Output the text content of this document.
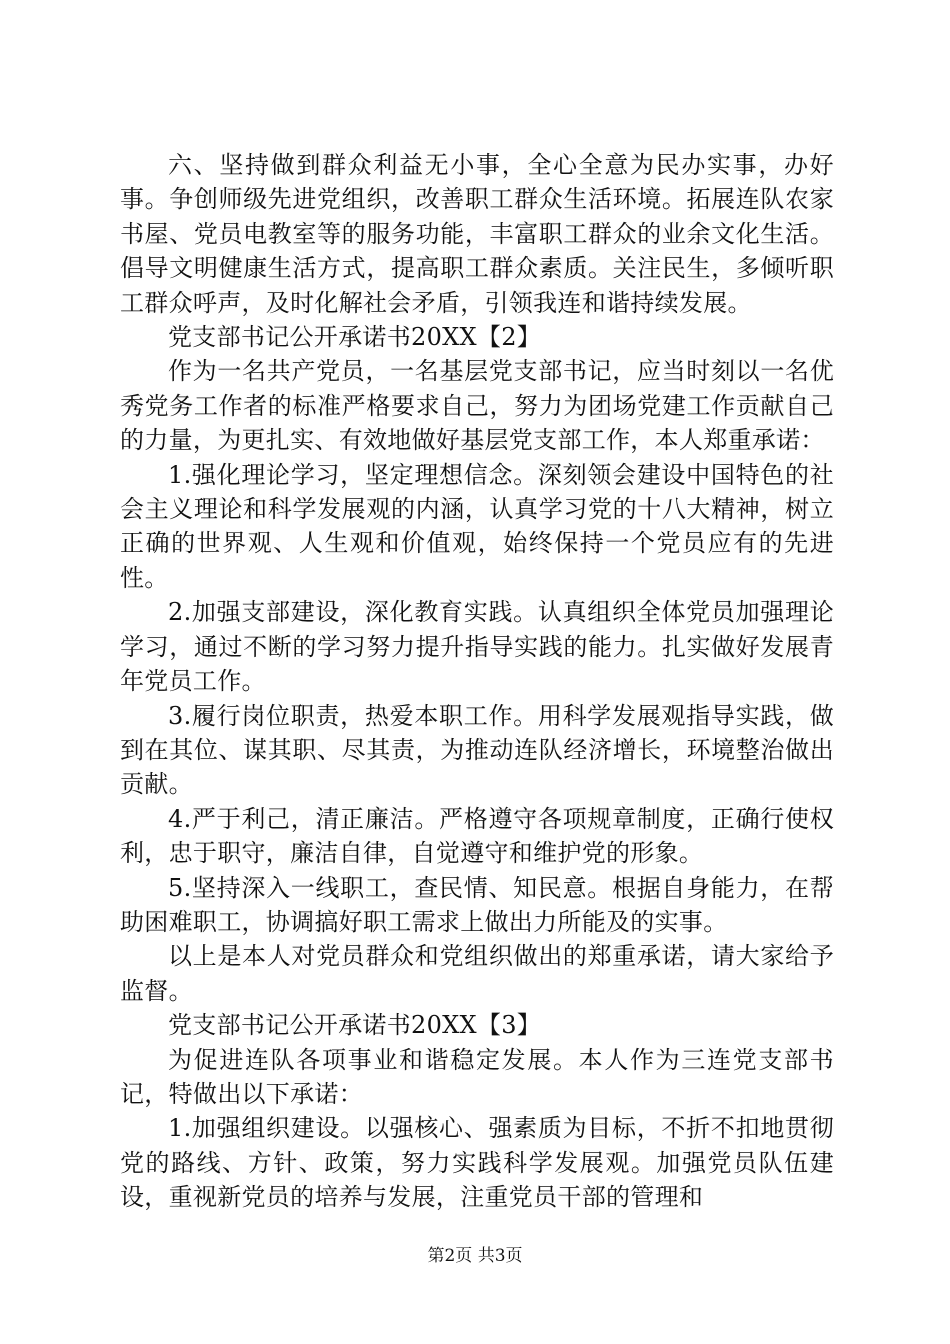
六、坚持做到群众利益无小事，全心全意为民办实事，办好事。争创师级先进党组织，改善职工群众生活环境。拓展连队农家书屋、党员电教室等的服务功能，丰富职工群众的业余文化生活。倡导文明健康生活方式，提高职工群众素质。关注民生，多倾听职工群众呼声，及时化解社会矛盾，引领我连和谐持续发展。

党支部书记公开承诺书20XX【2】

作为一名共产党员，一名基层党支部书记，应当时刻以一名优秀党务工作者的标准严格要求自己，努力为团场党建工作贡献自己的力量，为更扎实、有效地做好基层党支部工作，本人郑重承诺：

1.强化理论学习，坚定理想信念。深刻领会建设中国特色的社会主义理论和科学发展观的内涵，认真学习党的十八大精神，树立正确的世界观、人生观和价值观，始终保持一个党员应有的先进性。

2.加强支部建设，深化教育实践。认真组织全体党员加强理论学习，通过不断的学习努力提升指导实践的能力。扎实做好发展青年党员工作。

3.履行岗位职责，热爱本职工作。用科学发展观指导实践，做到在其位、谋其职、尽其责，为推动连队经济增长，环境整治做出贡献。

4.严于利己，清正廉洁。严格遵守各项规章制度，正确行使权利，忠于职守，廉洁自律，自觉遵守和维护党的形象。

5.坚持深入一线职工，查民情、知民意。根据自身能力，在帮助困难职工，协调搞好职工需求上做出力所能及的实事。

以上是本人对党员群众和党组织做出的郑重承诺，请大家给予监督。

党支部书记公开承诺书20XX【3】

为促进连队各项事业和谐稳定发展。本人作为三连党支部书记，特做出以下承诺：

1.加强组织建设。以强核心、强素质为目标，不折不扣地贯彻党的路线、方针、政策，努力实践科学发展观。加强党员队伍建设，重视新党员的培养与发展，注重党员干部的管理和

第2页 共3页
